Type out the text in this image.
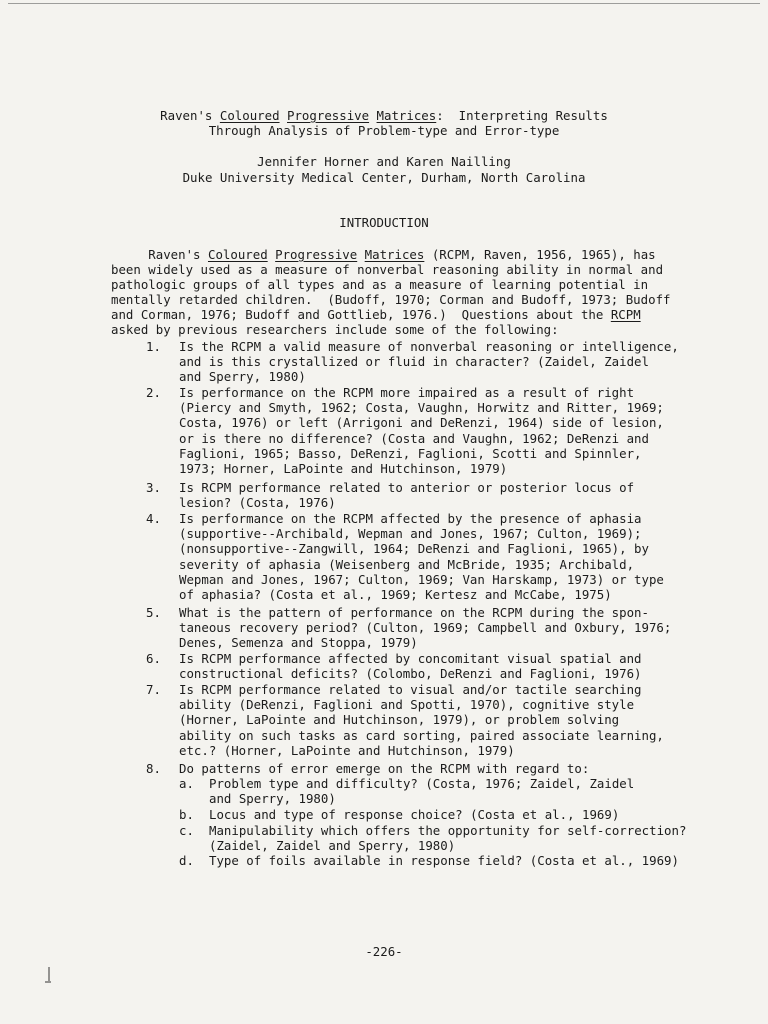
Raven's Coloured Progressive Matrices:  Interpreting Results
Through Analysis of Problem-type and Error-type
Jennifer Horner and Karen Nailling
Duke University Medical Center, Durham, North Carolina
INTRODUCTION
Raven's Coloured Progressive Matrices (RCPM, Raven, 1956, 1965), has
been widely used as a measure of nonverbal reasoning ability in normal and
pathologic groups of all types and as a measure of learning potential in
mentally retarded children.  (Budoff, 1970; Corman and Budoff, 1973; Budoff
and Corman, 1976; Budoff and Gottlieb, 1976.)  Questions about the RCPM
asked by previous researchers include some of the following:
1. Is the RCPM a valid measure of nonverbal reasoning or intelligence,
and is this crystallized or fluid in character? (Zaidel, Zaidel
and Sperry, 1980)
2. Is performance on the RCPM more impaired as a result of right
(Piercy and Smyth, 1962; Costa, Vaughn, Horwitz and Ritter, 1969;
Costa, 1976) or left (Arrigoni and DeRenzi, 1964) side of lesion,
or is there no difference? (Costa and Vaughn, 1962; DeRenzi and
Faglioni, 1965; Basso, DeRenzi, Faglioni, Scotti and Spinnler,
1973; Horner, LaPointe and Hutchinson, 1979)
3. Is RCPM performance related to anterior or posterior locus of
lesion? (Costa, 1976)
4. Is performance on the RCPM affected by the presence of aphasia
(supportive--Archibald, Wepman and Jones, 1967; Culton, 1969);
(nonsupportive--Zangwill, 1964; DeRenzi and Faglioni, 1965), by
severity of aphasia (Weisenberg and McBride, 1935; Archibald,
Wepman and Jones, 1967; Culton, 1969; Van Harskamp, 1973) or type
of aphasia? (Costa et al., 1969; Kertesz and McCabe, 1975)
5. What is the pattern of performance on the RCPM during the spon-
taneous recovery period? (Culton, 1969; Campbell and Oxbury, 1976;
Denes, Semenza and Stoppa, 1979)
6. Is RCPM performance affected by concomitant visual spatial and
constructional deficits? (Colombo, DeRenzi and Faglioni, 1976)
7. Is RCPM performance related to visual and/or tactile searching
ability (DeRenzi, Faglioni and Spotti, 1970), cognitive style
(Horner, LaPointe and Hutchinson, 1979), or problem solving
ability on such tasks as card sorting, paired associate learning,
etc.? (Horner, LaPointe and Hutchinson, 1979)
8. Do patterns of error emerge on the RCPM with regard to:
a. Problem type and difficulty? (Costa, 1976; Zaidel, Zaidel
and Sperry, 1980)
b. Locus and type of response choice? (Costa et al., 1969)
c. Manipulability which offers the opportunity for self-correction?
(Zaidel, Zaidel and Sperry, 1980)
d. Type of foils available in response field? (Costa et al., 1969)
-226-
